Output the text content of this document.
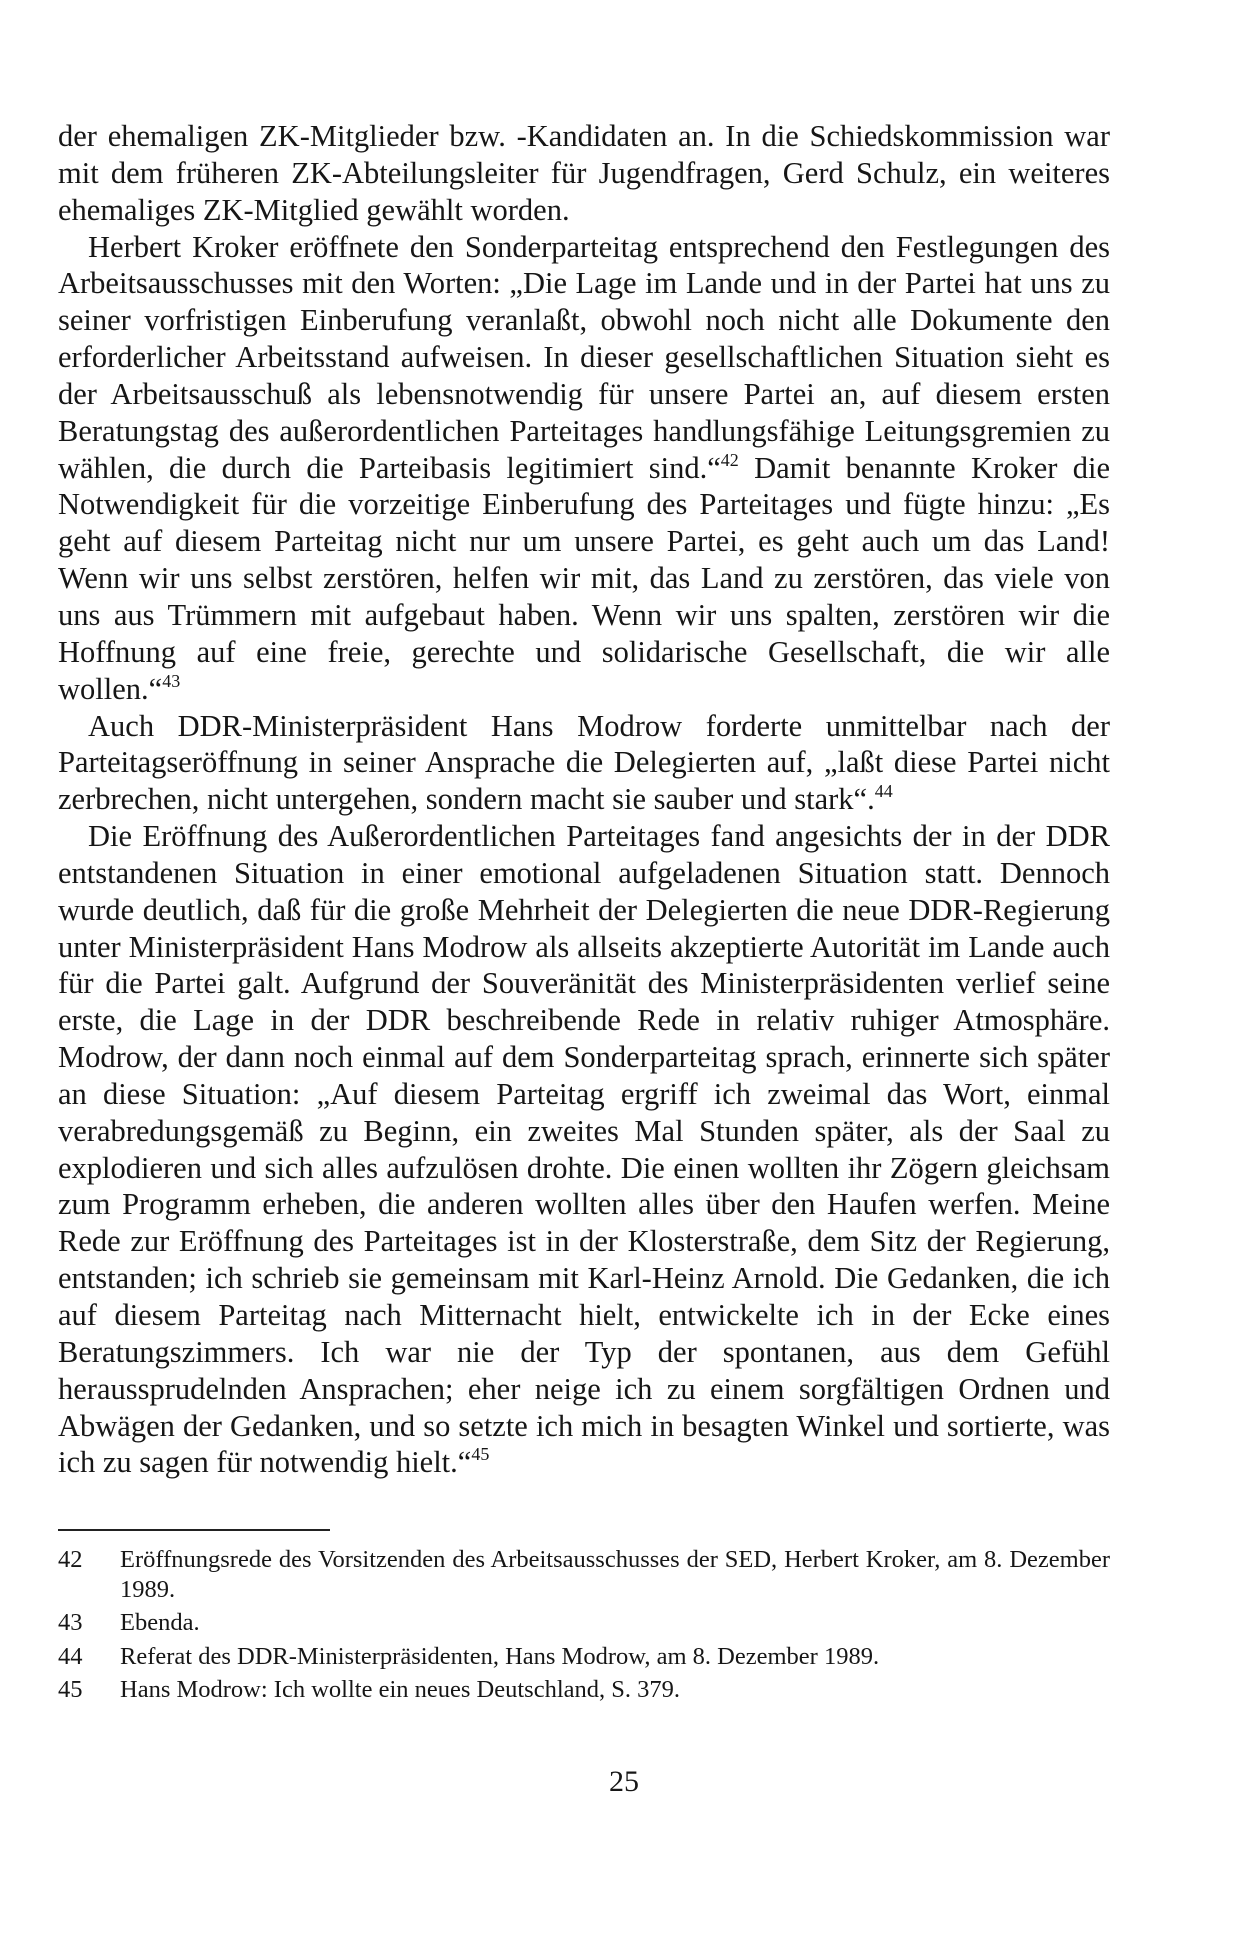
der ehemaligen ZK-Mitglieder bzw. -Kandidaten an. In die Schiedskommission war mit dem früheren ZK-Abteilungsleiter für Jugendfragen, Gerd Schulz, ein weiteres ehemaliges ZK-Mitglied gewählt worden.

Herbert Kroker eröffnete den Sonderparteitag entsprechend den Festlegungen des Arbeitsausschusses mit den Worten: „Die Lage im Lande und in der Partei hat uns zu seiner vorfristigen Einberufung veranlaßt, obwohl noch nicht alle Dokumente den erforderlicher Arbeitsstand aufweisen. In dieser gesellschaftlichen Situation sieht es der Arbeitsausschuß als lebensnotwendig für unsere Partei an, auf diesem ersten Beratungstag des außerordentlichen Parteitages handlungsfähige Leitungsgremien zu wählen, die durch die Parteibasis legitimiert sind.“$^{42}$ Damit benannte Kroker die Notwendigkeit für die vorzeitige Einberufung des Parteitages und fügte hinzu: „Es geht auf diesem Parteitag nicht nur um unsere Partei, es geht auch um das Land! Wenn wir uns selbst zerstören, helfen wir mit, das Land zu zerstören, das viele von uns aus Trümmern mit aufgebaut haben. Wenn wir uns spalten, zerstören wir die Hoffnung auf eine freie, gerechte und solidarische Gesellschaft, die wir alle wollen.“$^{43}$

Auch DDR-Ministerpräsident Hans Modrow forderte unmittelbar nach der Parteitagseröffnung in seiner Ansprache die Delegierten auf, „laßt diese Partei nicht zerbrechen, nicht untergehen, sondern macht sie sauber und stark“.$^{44}$

Die Eröffnung des Außerordentlichen Parteitages fand angesichts der in der DDR entstandenen Situation in einer emotional aufgeladenen Situation statt. Dennoch wurde deutlich, daß für die große Mehrheit der Delegierten die neue DDR-Regierung unter Ministerpräsident Hans Modrow als allseits akzeptierte Autorität im Lande auch für die Partei galt. Aufgrund der Souveränität des Ministerpräsidenten verlief seine erste, die Lage in der DDR beschreibende Rede in relativ ruhiger Atmosphäre. Modrow, der dann noch einmal auf dem Sonderparteitag sprach, erinnerte sich später an diese Situation: „Auf diesem Parteitag ergriff ich zweimal das Wort, einmal verabredungsgemäß zu Beginn, ein zweites Mal Stunden später, als der Saal zu explodieren und sich alles aufzulösen drohte. Die einen wollten ihr Zögern gleichsam zum Programm erheben, die anderen wollten alles über den Haufen werfen. Meine Rede zur Eröffnung des Parteitages ist in der Klosterstraße, dem Sitz der Regierung, entstanden; ich schrieb sie gemeinsam mit Karl-Heinz Arnold. Die Gedanken, die ich auf diesem Parteitag nach Mitternacht hielt, entwickelte ich in der Ecke eines Beratungszimmers. Ich war nie der Typ der spontanen, aus dem Gefühl heraussprudelnden Ansprachen; eher neige ich zu einem sorgfältigen Ordnen und Abwägen der Gedanken, und so setzte ich mich in besagten Winkel und sortierte, was ich zu sagen für notwendig hielt.“$^{45}$

42	Eröffnungsrede des Vorsitzenden des Arbeitsausschusses der SED, Herbert Kroker, am 8. Dezember 1989.
43	Ebenda.
44	Referat des DDR-Ministerpräsidenten, Hans Modrow, am 8. Dezember 1989.
45	Hans Modrow: Ich wollte ein neues Deutschland, S. 379.
25
